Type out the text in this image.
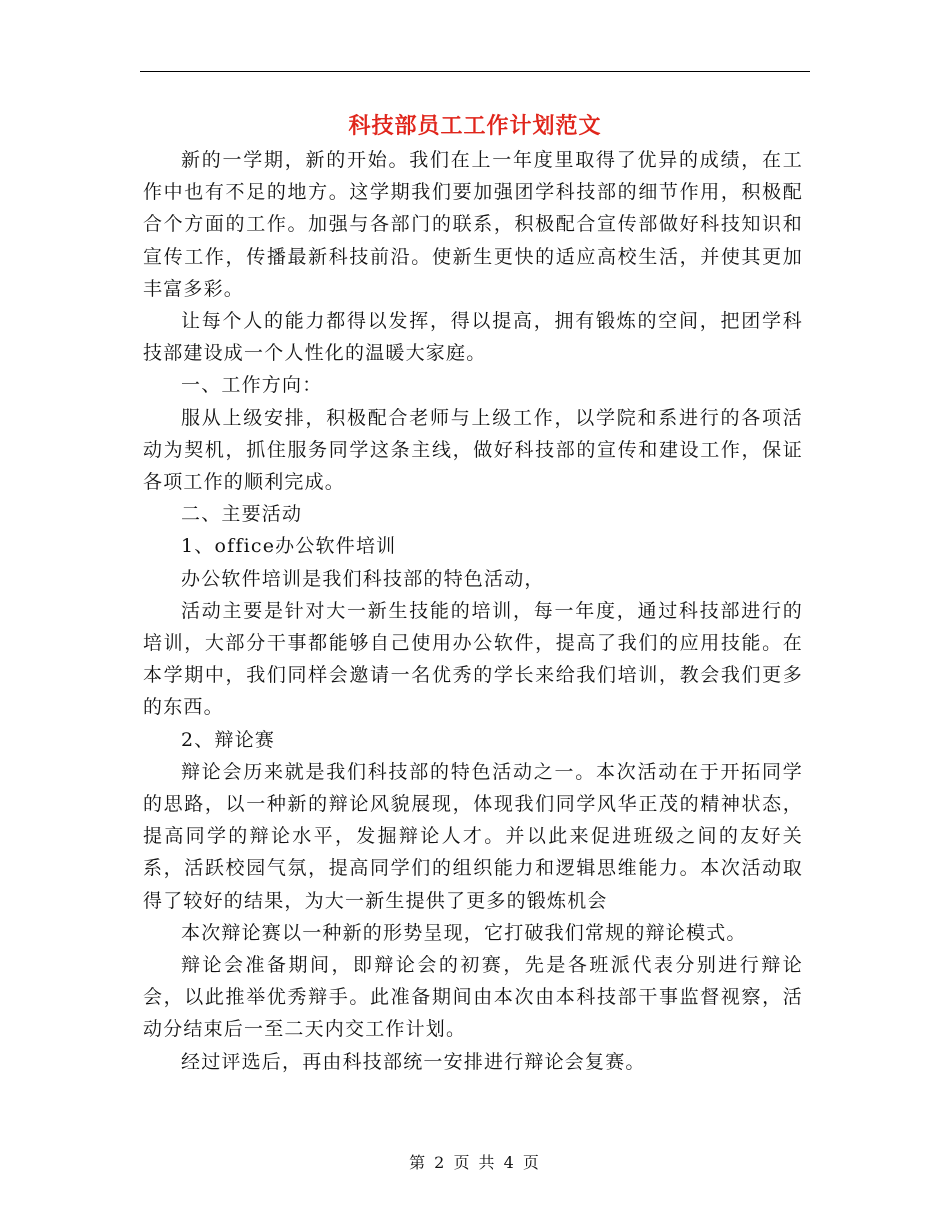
科技部员工工作计划范文

新的一学期，新的开始。我们在上一年度里取得了优异的成绩，在工作中也有不足的地方。这学期我们要加强团学科技部的细节作用，积极配合个方面的工作。加强与各部门的联系，积极配合宣传部做好科技知识和宣传工作，传播最新科技前沿。使新生更快的适应高校生活，并使其更加丰富多彩。

让每个人的能力都得以发挥，得以提高，拥有锻炼的空间，把团学科技部建设成一个人性化的温暖大家庭。

一、工作方向：

服从上级安排，积极配合老师与上级工作，以学院和系进行的各项活动为契机，抓住服务同学这条主线，做好科技部的宣传和建设工作，保证各项工作的顺利完成。

二、主要活动

1、office办公软件培训

办公软件培训是我们科技部的特色活动，

活动主要是针对大一新生技能的培训，每一年度，通过科技部进行的培训，大部分干事都能够自己使用办公软件，提高了我们的应用技能。在本学期中，我们同样会邀请一名优秀的学长来给我们培训，教会我们更多的东西。

2、辩论赛

辩论会历来就是我们科技部的特色活动之一。本次活动在于开拓同学的思路，以一种新的辩论风貌展现，体现我们同学风华正茂的精神状态，提高同学的辩论水平，发掘辩论人才。并以此来促进班级之间的友好关系，活跃校园气氛，提高同学们的组织能力和逻辑思维能力。本次活动取得了较好的结果，为大一新生提供了更多的锻炼机会

本次辩论赛以一种新的形势呈现，它打破我们常规的辩论模式。

辩论会准备期间，即辩论会的初赛，先是各班派代表分别进行辩论会，以此推举优秀辩手。此准备期间由本次由本科技部干事监督视察，活动分结束后一至二天内交工作计划。

经过评选后，再由科技部统一安排进行辩论会复赛。

第 2 页 共 4 页
